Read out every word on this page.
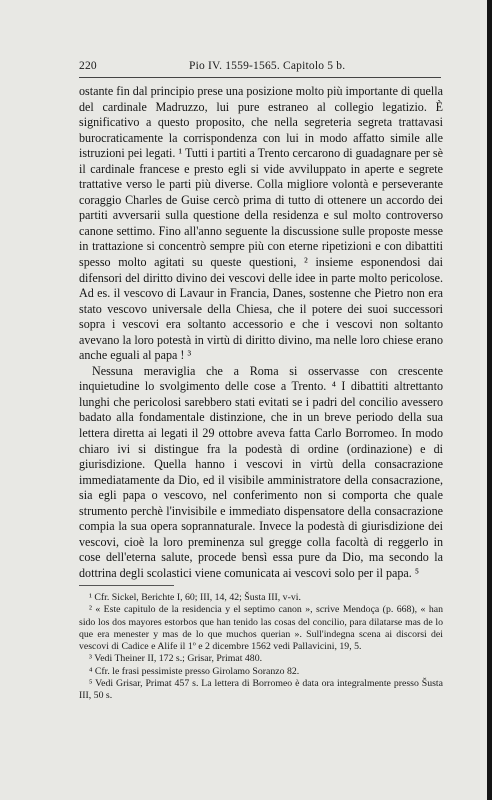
220	Pio IV. 1559-1565. Capitolo 5 b.

ostante fin dal principio prese una posizione molto più importante di quella del cardinale Madruzzo, lui pure estraneo al collegio legatizio. È significativo a questo proposito, che nella segreteria segreta trattavasi burocraticamente la corrispondenza con lui in modo affatto simile alle istruzioni pei legati. ¹ Tutti i partiti a Trento cercarono di guadagnare per sè il cardinale francese e presto egli si vide avviluppato in aperte e segrete trattative verso le parti più diverse. Colla migliore volontà e perseverante coraggio Charles de Guise cercò prima di tutto di ottenere un accordo dei partiti avversarii sulla questione della residenza e sul molto controverso canone settimo. Fino all'anno seguente la discussione sulle proposte messe in trattazione si concentrò sempre più con eterne ripetizioni e con dibattiti spesso molto agitati su queste questioni, ² insieme esponendosi dai difensori del diritto divino dei vescovi delle idee in parte molto pericolose. Ad es. il vescovo di Lavaur in Francia, Danes, sostenne che Pietro non era stato vescovo universale della Chiesa, che il potere dei suoi successori sopra i vescovi era soltanto accessorio e che i vescovi non soltanto avevano la loro potestà in virtù di diritto divino, ma nelle loro chiese erano anche eguali al papa ! ³

Nessuna meraviglia che a Roma si osservasse con crescente inquietudine lo svolgimento delle cose a Trento. ⁴ I dibattiti altrettanto lunghi che pericolosi sarebbero stati evitati se i padri del concilio avessero badato alla fondamentale distinzione, che in un breve periodo della sua lettera diretta ai legati il 29 ottobre aveva fatta Carlo Borromeo. In modo chiaro ivi si distingue fra la podestà di ordine (ordinazione) e di giurisdizione. Quella hanno i vescovi in virtù della consacrazione immediatamente da Dio, ed il visibile amministratore della consacrazione, sia egli papa o vescovo, nel conferimento non si comporta che quale strumento perchè l'invisibile e immediato dispensatore della consacrazione compia la sua opera soprannaturale. Invece la podestà di giurisdizione dei vescovi, cioè la loro preminenza sul gregge colla facoltà di reggerlo in cose dell'eterna salute, procede bensì essa pure da Dio, ma secondo la dottrina degli scolastici viene comunicata ai vescovi solo per il papa. ⁵

¹ Cfr. Sickel, Berichte I, 60; III, 14, 42; Šusta III, v-vi.

² « Este capitulo de la residencia y el septimo canon », scrive Mendoça (p. 668), « han sido los dos mayores estorbos que han tenido las cosas del concilio, para dilatarse mas de lo que era menester y mas de lo que muchos querian ». Sull'indegna scena ai discorsi dei vescovi di Cadice e Alife il 1º e 2 dicembre 1562 vedi Pallavicini, 19, 5.

³ Vedi Theiner II, 172 s.; Grisar, Primat 480.

⁴ Cfr. le frasi pessimiste presso Girolamo Soranzo 82.

⁵ Vedi Grisar, Primat 457 s. La lettera di Borromeo è data ora integralmente presso Šusta III, 50 s.
